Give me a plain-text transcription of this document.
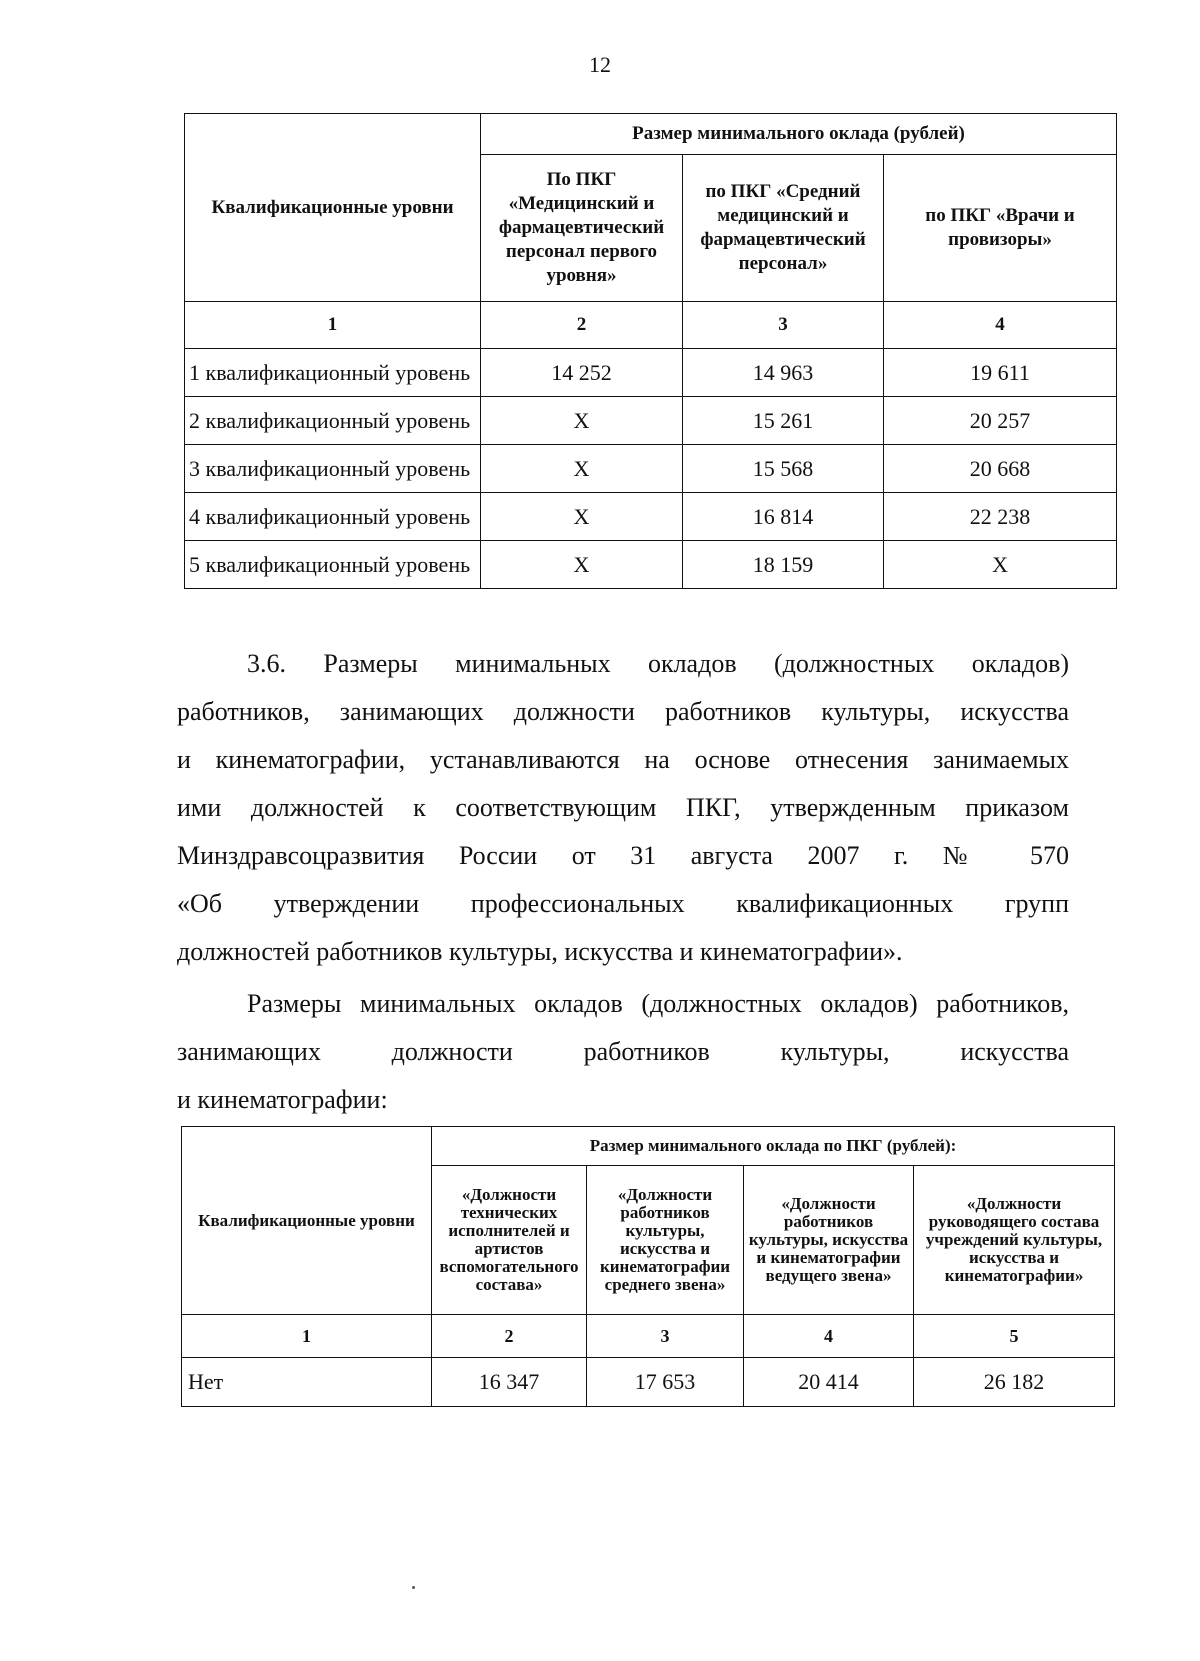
12
Квалификационные уровни	Размер минимального оклада (рублей)		
	По ПКГ «Медицинский и фармацевтический персонал первого уровня»	по ПКГ «Средний медицинский и фармацевтический персонал»	по ПКГ «Врачи и провизоры»
1	2	3	4
1 квалификационный уровень	14 252	14 963	19 611
2 квалификационный уровень	X	15 261	20 257
3 квалификационный уровень	X	15 568	20 668
4 квалификационный уровень	X	16 814	22 238
5 квалификационный уровень	X	18 159	X
3.6. Размеры минимальных окладов (должностных окладов)
работников, занимающих должности работников культуры, искусства
и кинематографии, устанавливаются на основе отнесения занимаемых
ими должностей к соответствующим ПКГ, утвержденным приказом
Минздравсоцразвития России от 31 августа 2007 г. № 570
«Об утверждении профессиональных квалификационных групп
должностей работников культуры, искусства и кинематографии».
Размеры минимальных окладов (должностных окладов) работников,
занимающих должности работников культуры, искусства
и кинематографии:
Квалификационные уровни	Размер минимального оклада по ПКГ (рублей):			
	«Должности технических исполнителей и артистов вспомогательного состава»	«Должности работников культуры, искусства и кинематографии среднего звена»	«Должности работников культуры, искусства и кинематографии ведущего звена»	«Должности руководящего состава учреждений культуры, искусства и кинематографии»
1	2	3	4	5
Нет	16 347	17 653	20 414	26 182
